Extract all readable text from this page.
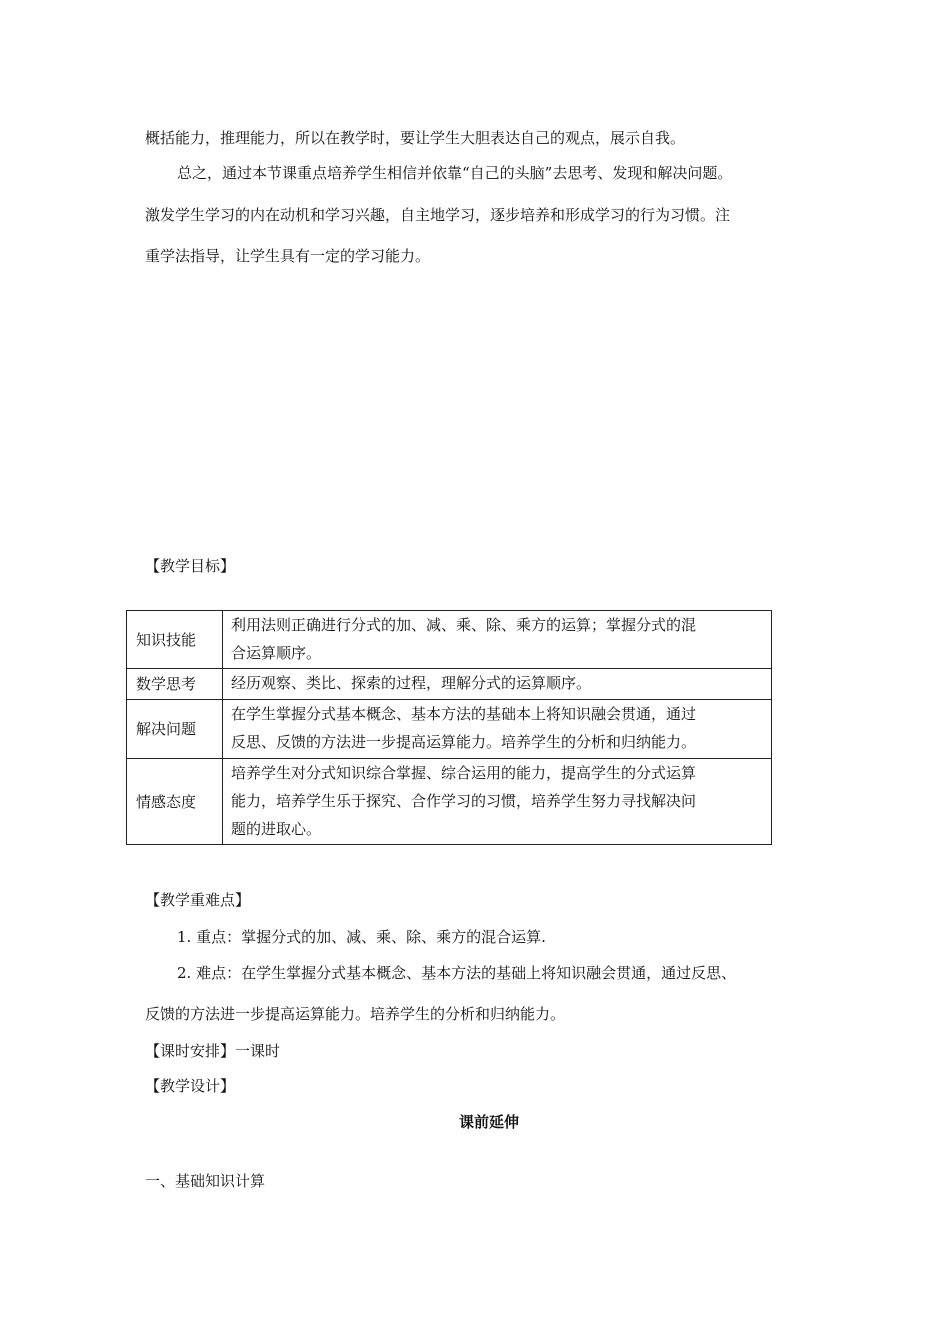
概括能力，推理能力，所以在教学时，要让学生大胆表达自己的观点，展示自我。

总之，通过本节课重点培养学生相信并依靠“自己的头脑”去思考、发现和解决问题。

激发学生学习的内在动机和学习兴趣，自主地学习，逐步培养和形成学习的行为习惯。注

重学法指导，让学生具有一定的学习能力。

【教学目标】

知识技能	利用法则正确进行分式的加、减、乘、除、乘方的运算；掌握分式的混
合运算顺序。

数学思考	经历观察、类比、探索的过程，理解分式的运算顺序。

解决问题	在学生掌握分式基本概念、基本方法的基础本上将知识融会贯通，通过
反思、反馈的方法进一步提高运算能力。培养学生的分析和归纳能力。

情感态度	培养学生对分式知识综合掌握、综合运用的能力，提高学生的分式运算
能力，培养学生乐于探究、合作学习的习惯，培养学生努力寻找解决问
题的进取心。

【教学重难点】

1. 重点：掌握分式的加、减、乘、除、乘方的混合运算.

2. 难点：在学生掌握分式基本概念、基本方法的基础上将知识融会贯通，通过反思、

反馈的方法进一步提高运算能力。培养学生的分析和归纳能力。

【课时安排】一课时

【教学设计】

课前延伸

一、基础知识计算
